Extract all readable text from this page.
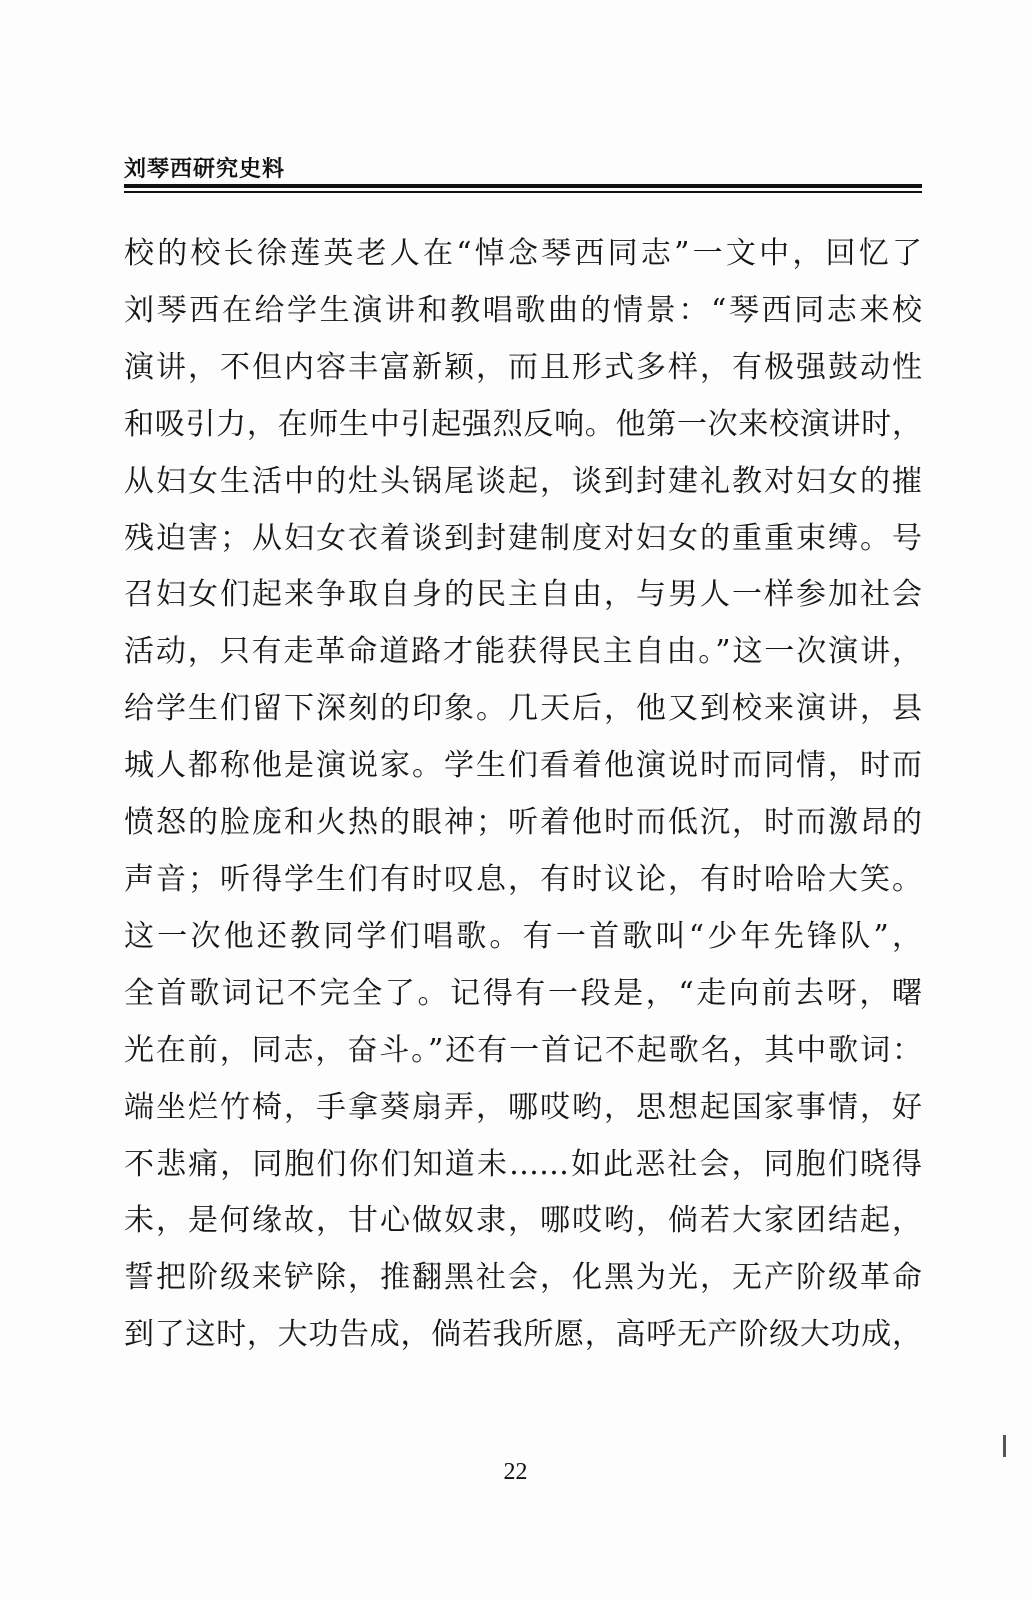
刘琴西研究史料
校的校长徐莲英老人在“悼念琴西同志”一文中，回忆了
刘琴西在给学生演讲和教唱歌曲的情景：“琴西同志来校
演讲，不但内容丰富新颖，而且形式多样，有极强鼓动性
和吸引力，在师生中引起强烈反响。他第一次来校演讲时，
从妇女生活中的灶头锅尾谈起，谈到封建礼教对妇女的摧
残迫害；从妇女衣着谈到封建制度对妇女的重重束缚。号
召妇女们起来争取自身的民主自由，与男人一样参加社会
活动，只有走革命道路才能获得民主自由。”这一次演讲，
给学生们留下深刻的印象。几天后，他又到校来演讲，县
城人都称他是演说家。学生们看着他演说时而同情，时而
愤怒的脸庞和火热的眼神；听着他时而低沉，时而激昂的
声音；听得学生们有时叹息，有时议论，有时哈哈大笑。
这一次他还教同学们唱歌。有一首歌叫“少年先锋队”，
全首歌词记不完全了。记得有一段是，“走向前去呀，曙
光在前，同志，奋斗。”还有一首记不起歌名，其中歌词：
端坐烂竹椅，手拿葵扇弄，哪哎哟，思想起国家事情，好
不悲痛，同胞们你们知道未……如此恶社会，同胞们晓得
未，是何缘故，甘心做奴隶，哪哎哟，倘若大家团结起，
誓把阶级来铲除，推翻黑社会，化黑为光，无产阶级革命
到了这时，大功告成，倘若我所愿，高呼无产阶级大功成，
22
